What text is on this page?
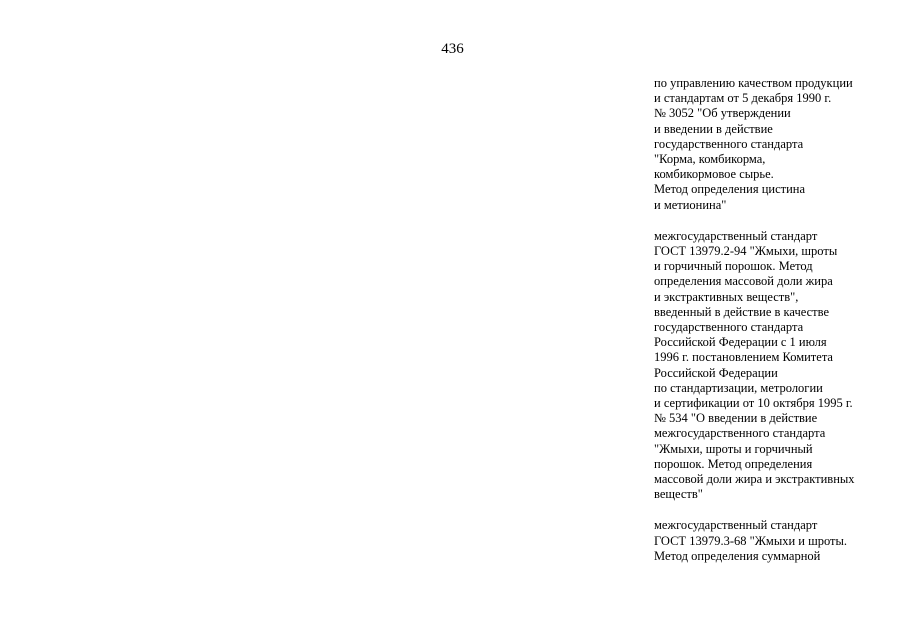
436

по управлению качеством продукции
и стандартам от 5 декабря 1990 г.
№ 3052 "Об утверждении
и введении в действие
государственного стандарта
"Корма, комбикорма,
комбикормовое сырье.
Метод определения цистина
и метионина"

межгосударственный стандарт
ГОСТ 13979.2-94 "Жмыхи, шроты
и горчичный порошок. Метод
определения массовой доли жира
и экстрактивных веществ",
введенный в действие в качестве
государственного стандарта
Российской Федерации с 1 июля
1996 г. постановлением Комитета
Российской Федерации
по стандартизации, метрологии
и сертификации от 10 октября 1995 г.
№ 534 "О введении в действие
межгосударственного стандарта
"Жмыхи, шроты и горчичный
порошок. Метод определения
массовой доли жира и экстрактивных
веществ"

межгосударственный стандарт
ГОСТ 13979.3-68 "Жмыхи и шроты.
Метод определения суммарной
